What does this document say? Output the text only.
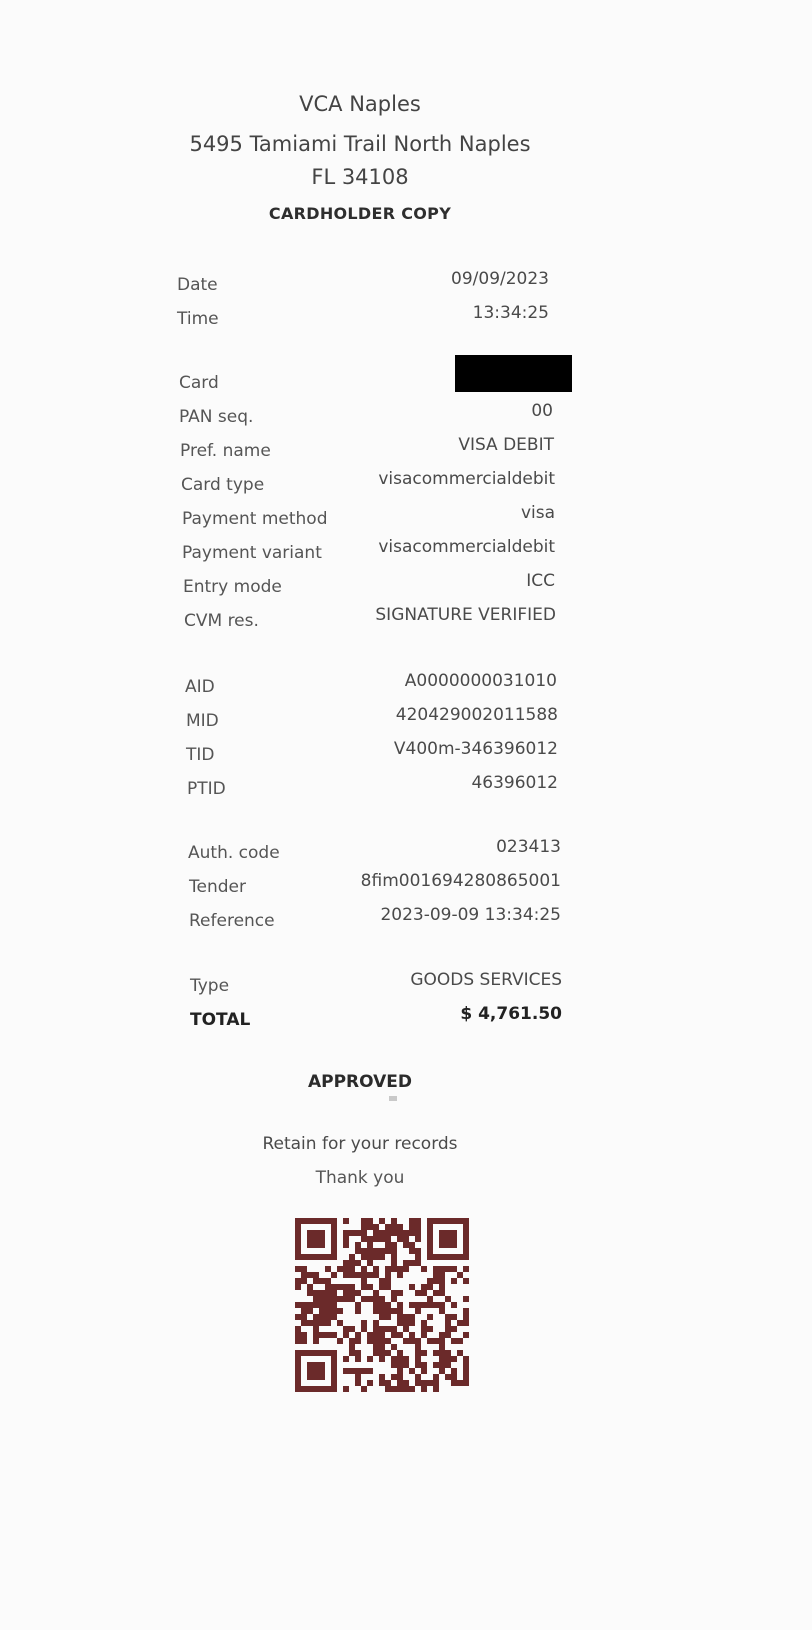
VCA Naples
5495 Tamiami Trail North Naples
FL 34108
CARDHOLDER COPY
Date	09/09/2023
Time	13:34:25
Card
PAN seq.	00
Pref. name	VISA DEBIT
Card type	visacommercialdebit
Payment method	visa
Payment variant	visacommercialdebit
Entry mode	ICC
CVM res.	SIGNATURE VERIFIED
AID	A0000000031010
MID	420429002011588
TID	V400m-346396012
PTID	46396012
Auth. code	023413
Tender	8fim001694280865001
Reference	2023-09-09 13:34:25
Type	GOODS SERVICES
TOTAL	$ 4,761.50
APPROVED
Retain for your records
Thank you
